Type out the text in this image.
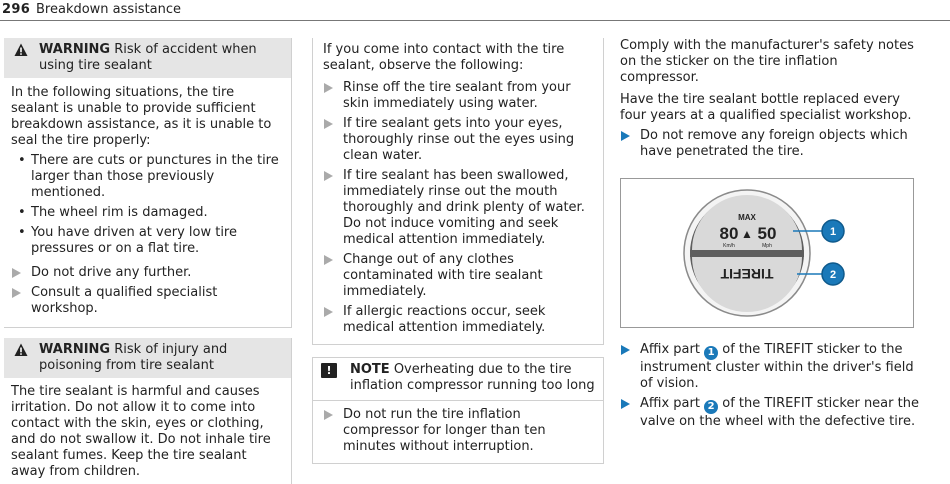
296 Breakdown assistance
WARNING Risk of accident when using tire sealant

In the following situations, the tire sealant is unable to provide sufficient breakdown assistance, as it is unable to seal the tire properly:

• There are cuts or punctures in the tire larger than those previously mentioned.
• The wheel rim is damaged.
• You have driven at very low tire pressures or on a flat tire.
Do not drive any further.
Consult a qualified specialist workshop.
WARNING Risk of injury and poisoning from tire sealant

The tire sealant is harmful and causes irritation. Do not allow it to come into contact with the skin, eyes or clothing, and do not swallow it. Do not inhale tire sealant fumes. Keep the tire sealant away from children.

If you come into contact with the tire sealant, observe the following:

Rinse off the tire sealant from your skin immediately using water.
If tire sealant gets into your eyes, thoroughly rinse out the eyes using clean water.
If tire sealant has been swallowed, immediately rinse out the mouth thoroughly and drink plenty of water. Do not induce vomiting and seek medical attention immediately.
Change out of any clothes contaminated with tire sealant immediately.
If allergic reactions occur, seek medical attention immediately.
!	NOTE Overheating due to the tire inflation compressor running too long
Do not run the tire inflation compressor for longer than ten minutes without interruption.

Comply with the manufacturer's safety notes on the sticker on the tire inflation compressor.

Have the tire sealant bottle replaced every four years at a qualified specialist workshop.

Do not remove any foreign objects which have penetrated the tire.
MAX
80 ▲ 50
Km/h	Mph
TIREFIT
1
2
Affix part 1 of the TIREFIT sticker to the instrument cluster within the driver's field of vision.
Affix part 2 of the TIREFIT sticker near the valve on the wheel with the defective tire.
